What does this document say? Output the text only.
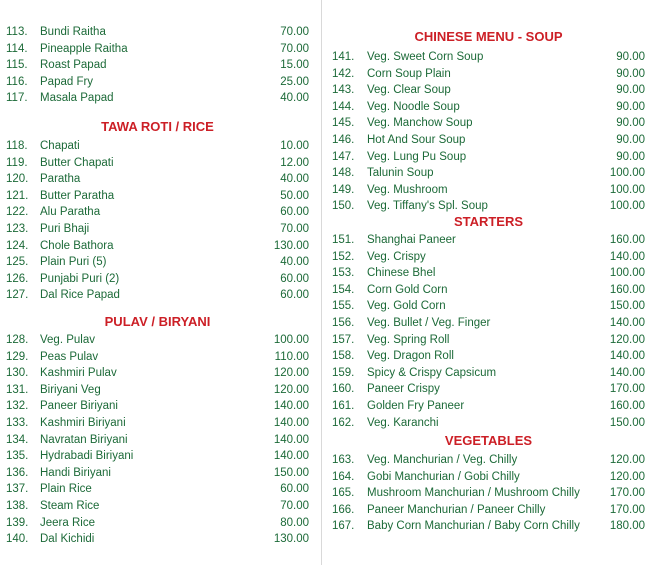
113. Bundi Raitha	70.00
114. Pineapple Raitha	70.00
115. Roast Papad	15.00
116. Papad Fry	25.00
117. Masala Papad	40.00
TAWA ROTI / RICE
118. Chapati	10.00
119. Butter Chapati	12.00
120. Paratha	40.00
121. Butter Paratha	50.00
122. Alu Paratha	60.00
123. Puri Bhaji	70.00
124. Chole Bathora	130.00
125. Plain Puri (5)	40.00
126. Punjabi Puri (2)	60.00
127. Dal Rice Papad	60.00
PULAV / BIRYANI
128. Veg. Pulav	100.00
129. Peas Pulav	110.00
130. Kashmiri Pulav	120.00
131. Biriyani Veg	120.00
132. Paneer Biriyani	140.00
133. Kashmiri Biriyani	140.00
134. Navratan Biriyani	140.00
135. Hydrabadi Biriyani	140.00
136. Handi Biriyani	150.00
137. Plain Rice	60.00
138. Steam Rice	70.00
139. Jeera Rice	80.00
140. Dal Kichidi	130.00
CHINESE MENU - SOUP
141. Veg. Sweet Corn Soup	90.00
142. Corn Soup Plain	90.00
143. Veg. Clear Soup	90.00
144. Veg. Noodle Soup	90.00
145. Veg. Manchow Soup	90.00
146. Hot And Sour Soup	90.00
147. Veg. Lung Pu Soup	90.00
148. Talunin Soup	100.00
149. Veg. Mushroom	100.00
150. Veg. Tiffany's Spl. Soup	100.00
STARTERS
151. Shanghai Paneer	160.00
152. Veg. Crispy	140.00
153. Chinese Bhel	100.00
154. Corn Gold Corn	160.00
155. Veg. Gold Corn	150.00
156. Veg. Bullet / Veg. Finger	140.00
157. Veg. Spring Roll	120.00
158. Veg. Dragon Roll	140.00
159. Spicy & Crispy Capsicum	140.00
160. Paneer Crispy	170.00
161. Golden Fry Paneer	160.00
162. Veg. Karanchi	150.00
VEGETABLES
163. Veg. Manchurian / Veg. Chilly	120.00
164. Gobi Manchurian / Gobi Chilly	120.00
165. Mushroom Manchurian / Mushroom Chilly	170.00
166. Paneer Manchurian / Paneer Chilly	170.00
167. Baby Corn Manchurian / Baby Corn Chilly	180.00
